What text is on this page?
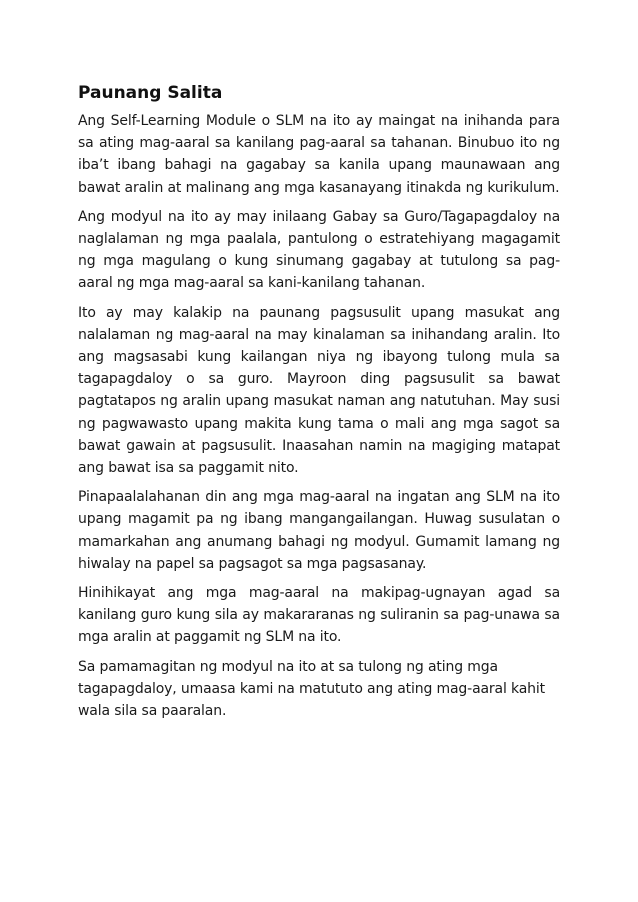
Paunang Salita

Ang Self-Learning Module o SLM na ito ay maingat na inihanda para sa ating mag-aaral sa kanilang pag-aaral sa tahanan. Binubuo ito ng iba’t ibang bahagi na gagabay sa kanila upang maunawaan ang bawat aralin at malinang ang mga kasanayang itinakda ng kurikulum.

Ang modyul na ito ay may inilaang Gabay sa Guro/Tagapagdaloy na naglalaman ng mga paalala, pantulong o estratehiyang magagamit ng mga magulang o kung sinumang gagabay at tutulong sa pag-aaral ng mga mag-aaral sa kani-kanilang tahanan.

Ito ay may kalakip na paunang pagsusulit upang masukat ang nalalaman ng mag-aaral na may kinalaman sa inihandang aralin. Ito ang magsasabi kung kailangan niya ng ibayong tulong mula sa tagapagdaloy o sa guro. Mayroon ding pagsusulit sa bawat pagtatapos ng aralin upang masukat naman ang natutuhan. May susi ng pagwawasto upang makita kung tama o mali ang mga sagot sa bawat gawain at pagsusulit. Inaasahan namin na magiging matapat ang bawat isa sa paggamit nito.

Pinapaalalahanan din ang mga mag-aaral na ingatan ang SLM na ito upang magamit pa ng ibang mangangailangan. Huwag susulatan o mamarkahan ang anumang bahagi ng modyul. Gumamit lamang ng hiwalay na papel sa pagsagot sa mga pagsasanay.

Hinihikayat ang mga mag-aaral na makipag-ugnayan agad sa kanilang guro kung sila ay makararanas ng suliranin sa pag-unawa sa mga aralin at paggamit ng SLM na ito.

Sa pamamagitan ng modyul na ito at sa tulong ng ating mga tagapagdaloy, umaasa kami na matututo ang ating mag-aaral kahit wala sila sa paaralan.
